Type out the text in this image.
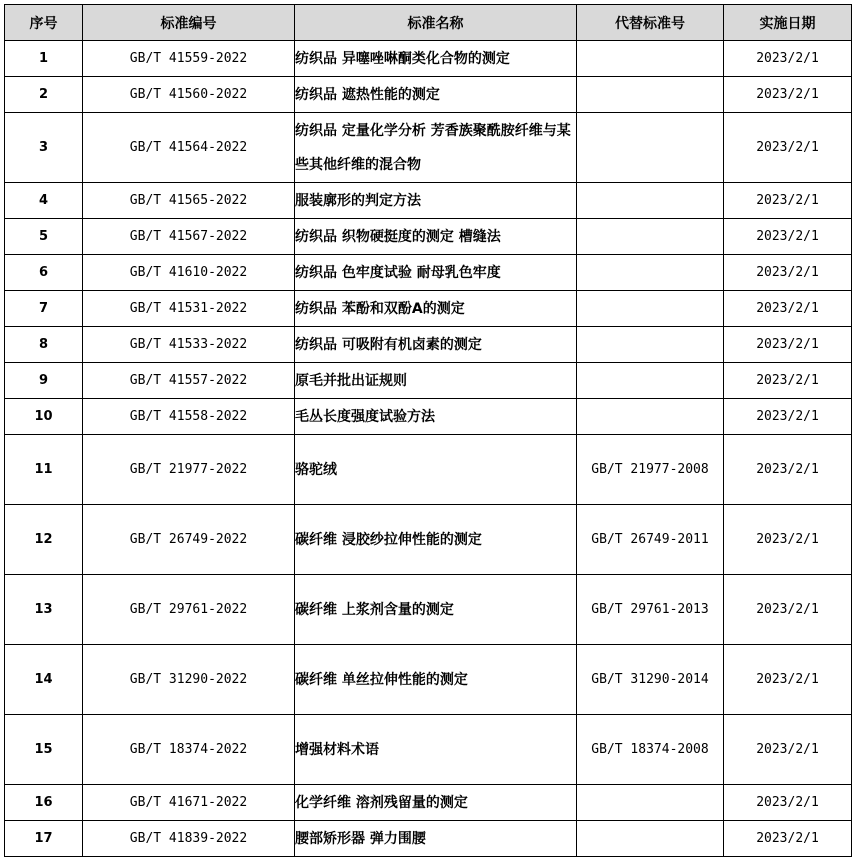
序号	标准编号	标准名称	代替标准号	实施日期
1	GB/T 41559-2022	纺织品 异噻唑啉酮类化合物的测定		2023/2/1
2	GB/T 41560-2022	纺织品 遮热性能的测定		2023/2/1
3	GB/T 41564-2022	纺织品 定量化学分析 芳香族聚酰胺纤维与某些其他纤维的混合物		2023/2/1
4	GB/T 41565-2022	服装廓形的判定方法		2023/2/1
5	GB/T 41567-2022	纺织品 织物硬挺度的测定 槽缝法		2023/2/1
6	GB/T 41610-2022	纺织品 色牢度试验 耐母乳色牢度		2023/2/1
7	GB/T 41531-2022	纺织品 苯酚和双酚A的测定		2023/2/1
8	GB/T 41533-2022	纺织品 可吸附有机卤素的测定		2023/2/1
9	GB/T 41557-2022	原毛并批出证规则		2023/2/1
10	GB/T 41558-2022	毛丛长度强度试验方法		2023/2/1
11	GB/T 21977-2022	骆驼绒	GB/T 21977-2008	2023/2/1
12	GB/T 26749-2022	碳纤维 浸胶纱拉伸性能的测定	GB/T 26749-2011	2023/2/1
13	GB/T 29761-2022	碳纤维 上浆剂含量的测定	GB/T 29761-2013	2023/2/1
14	GB/T 31290-2022	碳纤维 单丝拉伸性能的测定	GB/T 31290-2014	2023/2/1
15	GB/T 18374-2022	增强材料术语	GB/T 18374-2008	2023/2/1
16	GB/T 41671-2022	化学纤维 溶剂残留量的测定		2023/2/1
17	GB/T 41839-2022	腰部矫形器 弹力围腰		2023/2/1
